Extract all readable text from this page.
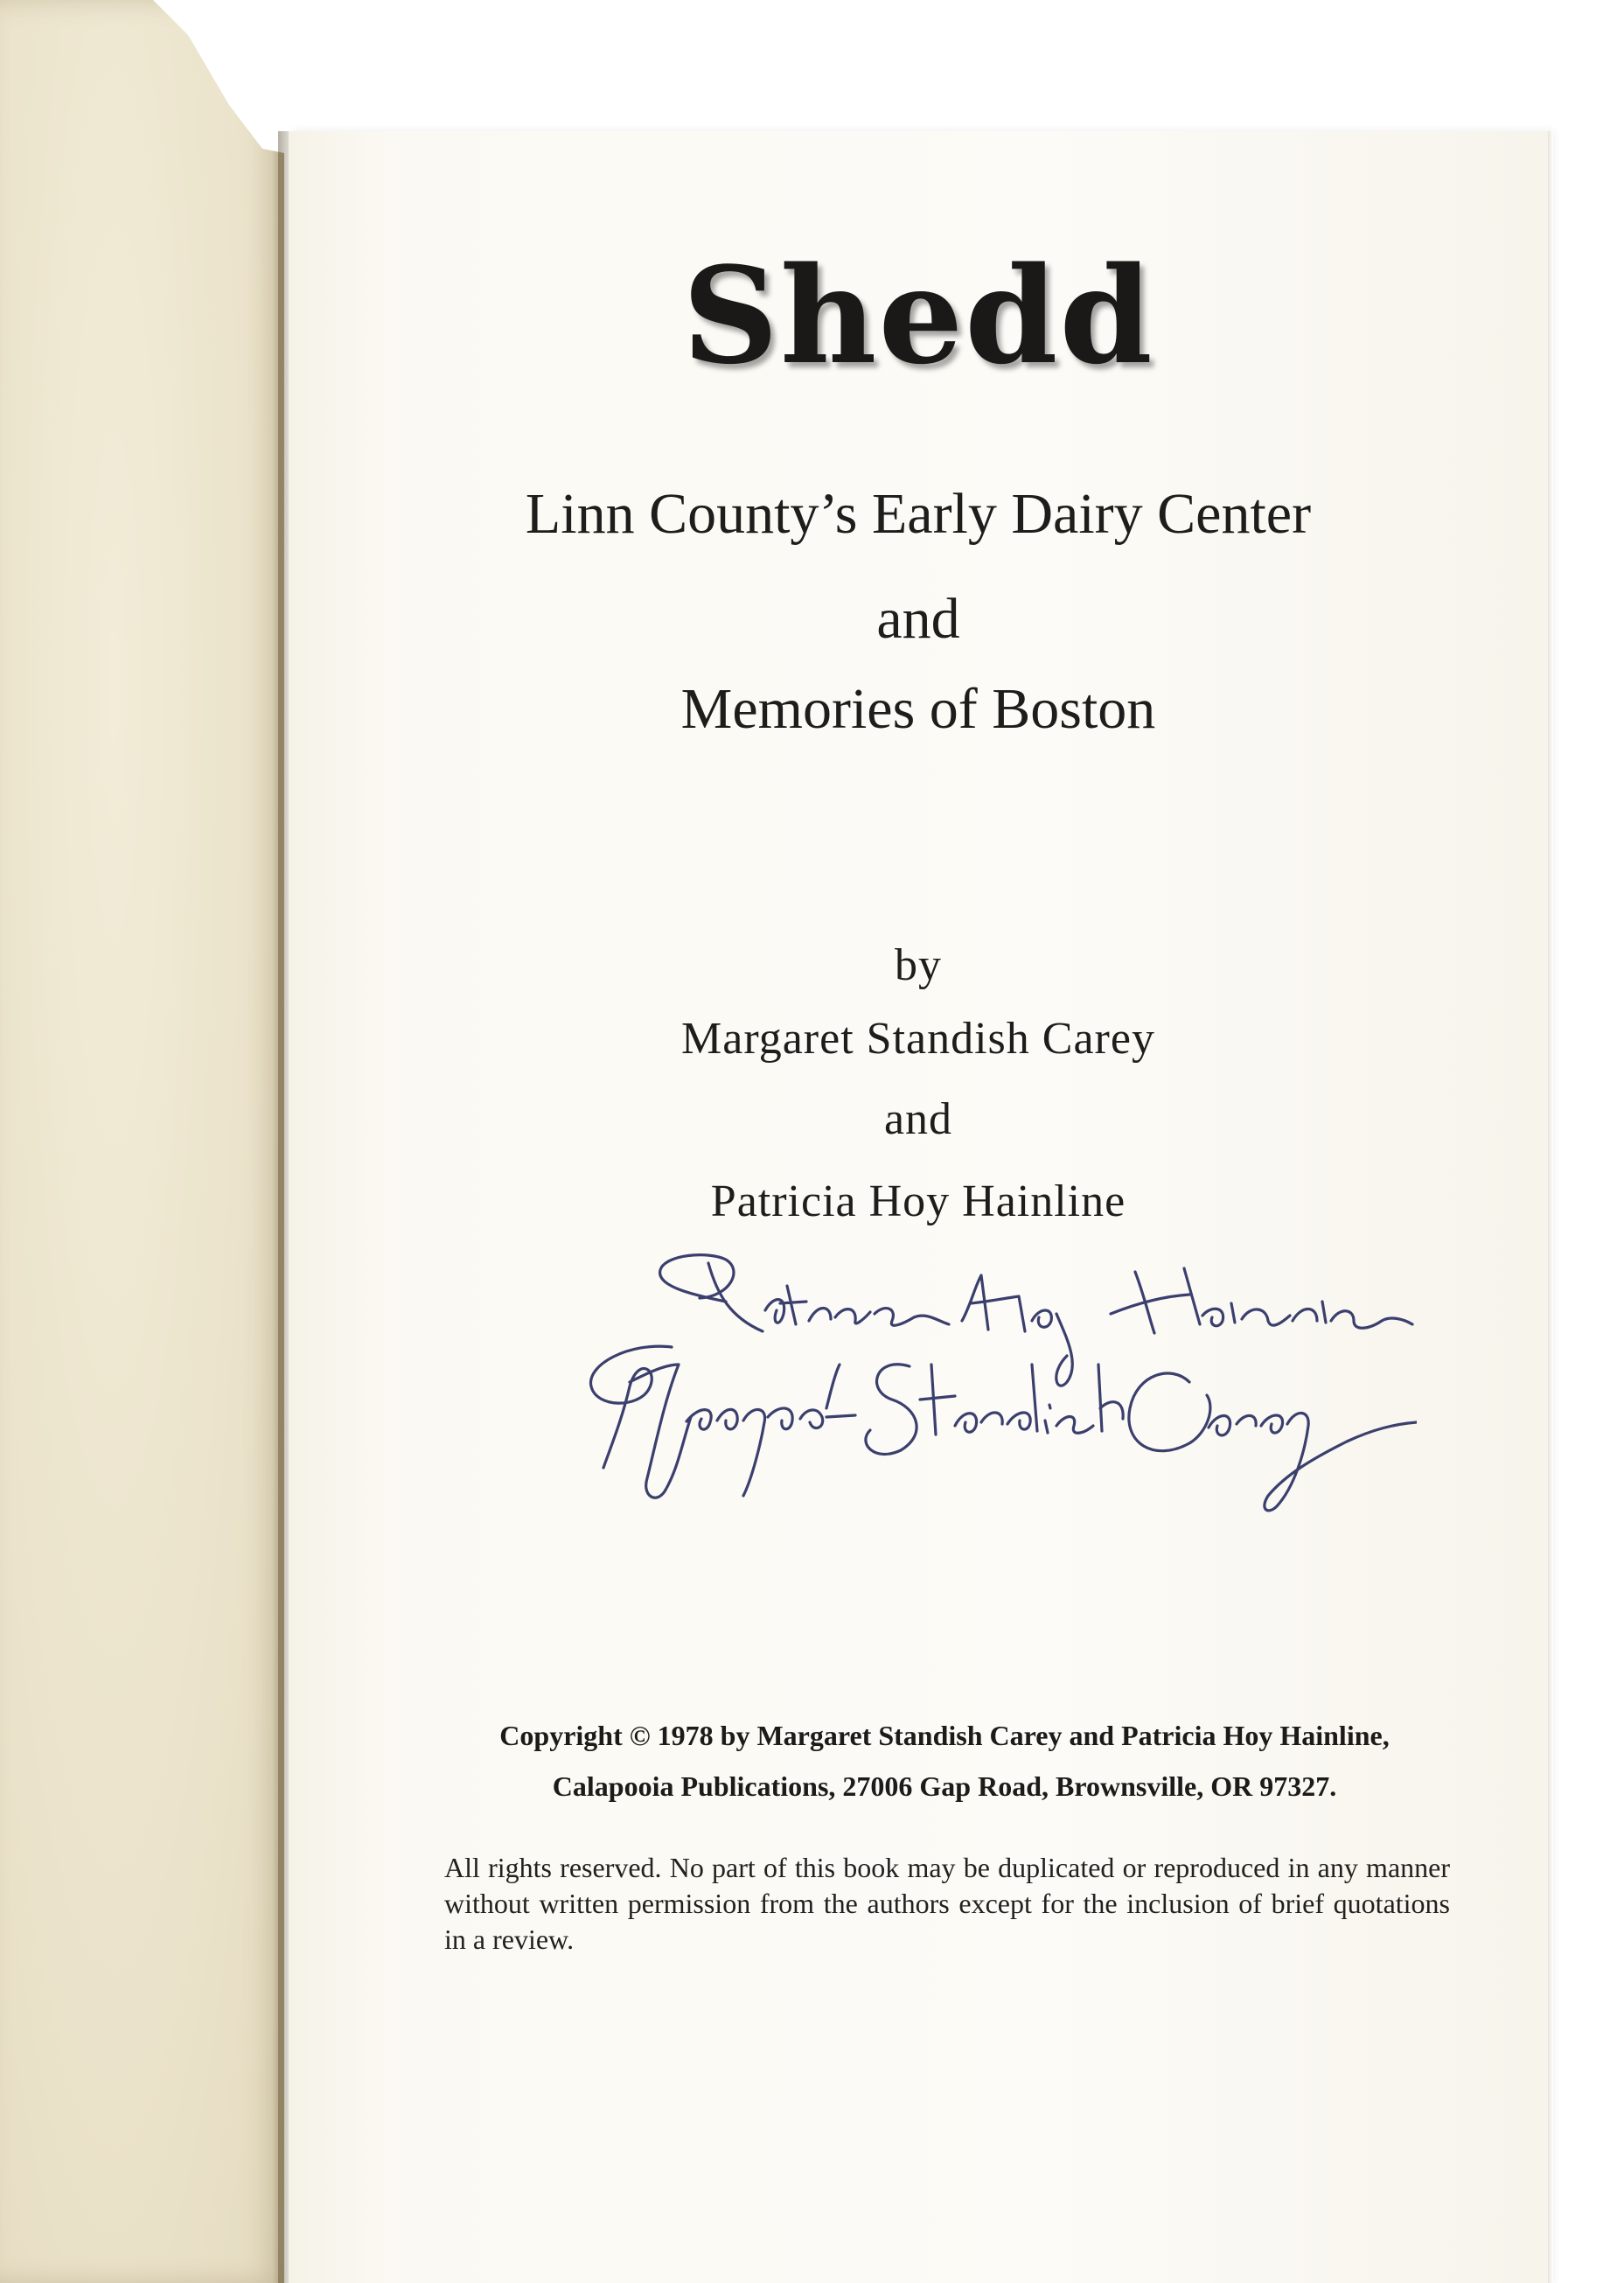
Shedd
Linn County’s Early Dairy Center
and
Memories of Boston
by
Margaret Standish Carey
and
Patricia Hoy Hainline
Copyright © 1978 by Margaret Standish Carey and Patricia Hoy Hainline,
Calapooia Publications, 27006 Gap Road, Brownsville, OR 97327.
All rights reserved. No part of this book may be duplicated or reproduced in any manner without written permission from the authors except for the inclusion of brief quotations in a review.
